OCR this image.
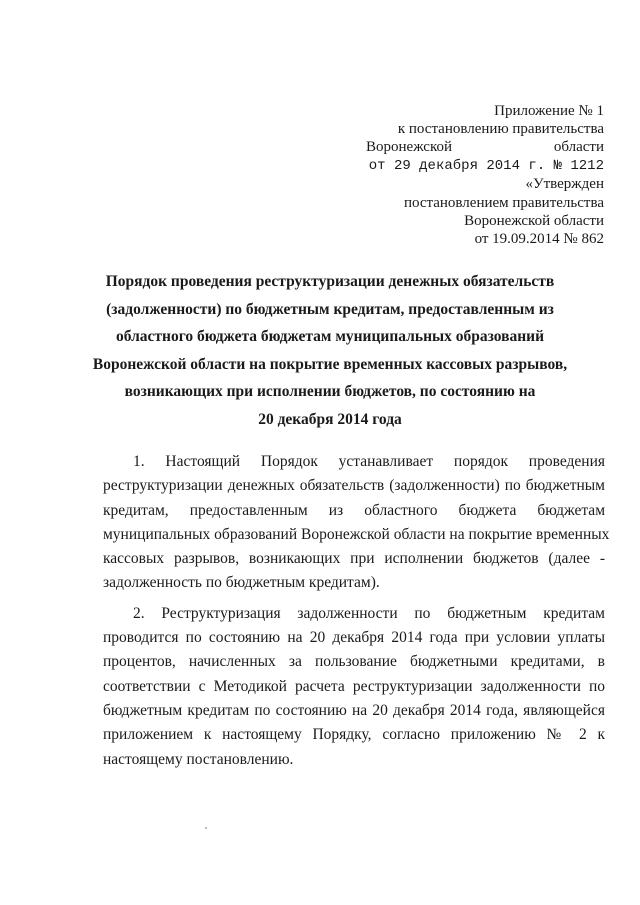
Приложение № 1
к постановлению правительства
Воронежской	области
от 29 декабря 2014 г. № 1212
«Утвержден
постановлением правительства
Воронежской области
от 19.09.2014 № 862
Порядок проведения реструктуризации денежных обязательств
(задолженности) по бюджетным кредитам, предоставленным из
областного бюджета бюджетам муниципальных образований
Воронежской области на покрытие временных кассовых разрывов,
возникающих при исполнении бюджетов, по состоянию на
20 декабря 2014 года
1. Настоящий Порядок устанавливает порядок проведения
реструктуризации денежных обязательств (задолженности) по бюджетным
кредитам, предоставленным из областного бюджета бюджетам
муниципальных образований Воронежской области на покрытие временных
кассовых разрывов, возникающих при исполнении бюджетов (далее -
задолженность по бюджетным кредитам).
2. Реструктуризация задолженности по бюджетным кредитам
проводится по состоянию на 20 декабря 2014 года при условии уплаты
процентов, начисленных за пользование бюджетными кредитами, в
соответствии с Методикой расчета реструктуризации задолженности по
бюджетным кредитам по состоянию на 20 декабря 2014 года, являющейся
приложением к настоящему Порядку, согласно приложению № 2 к
настоящему постановлению.
